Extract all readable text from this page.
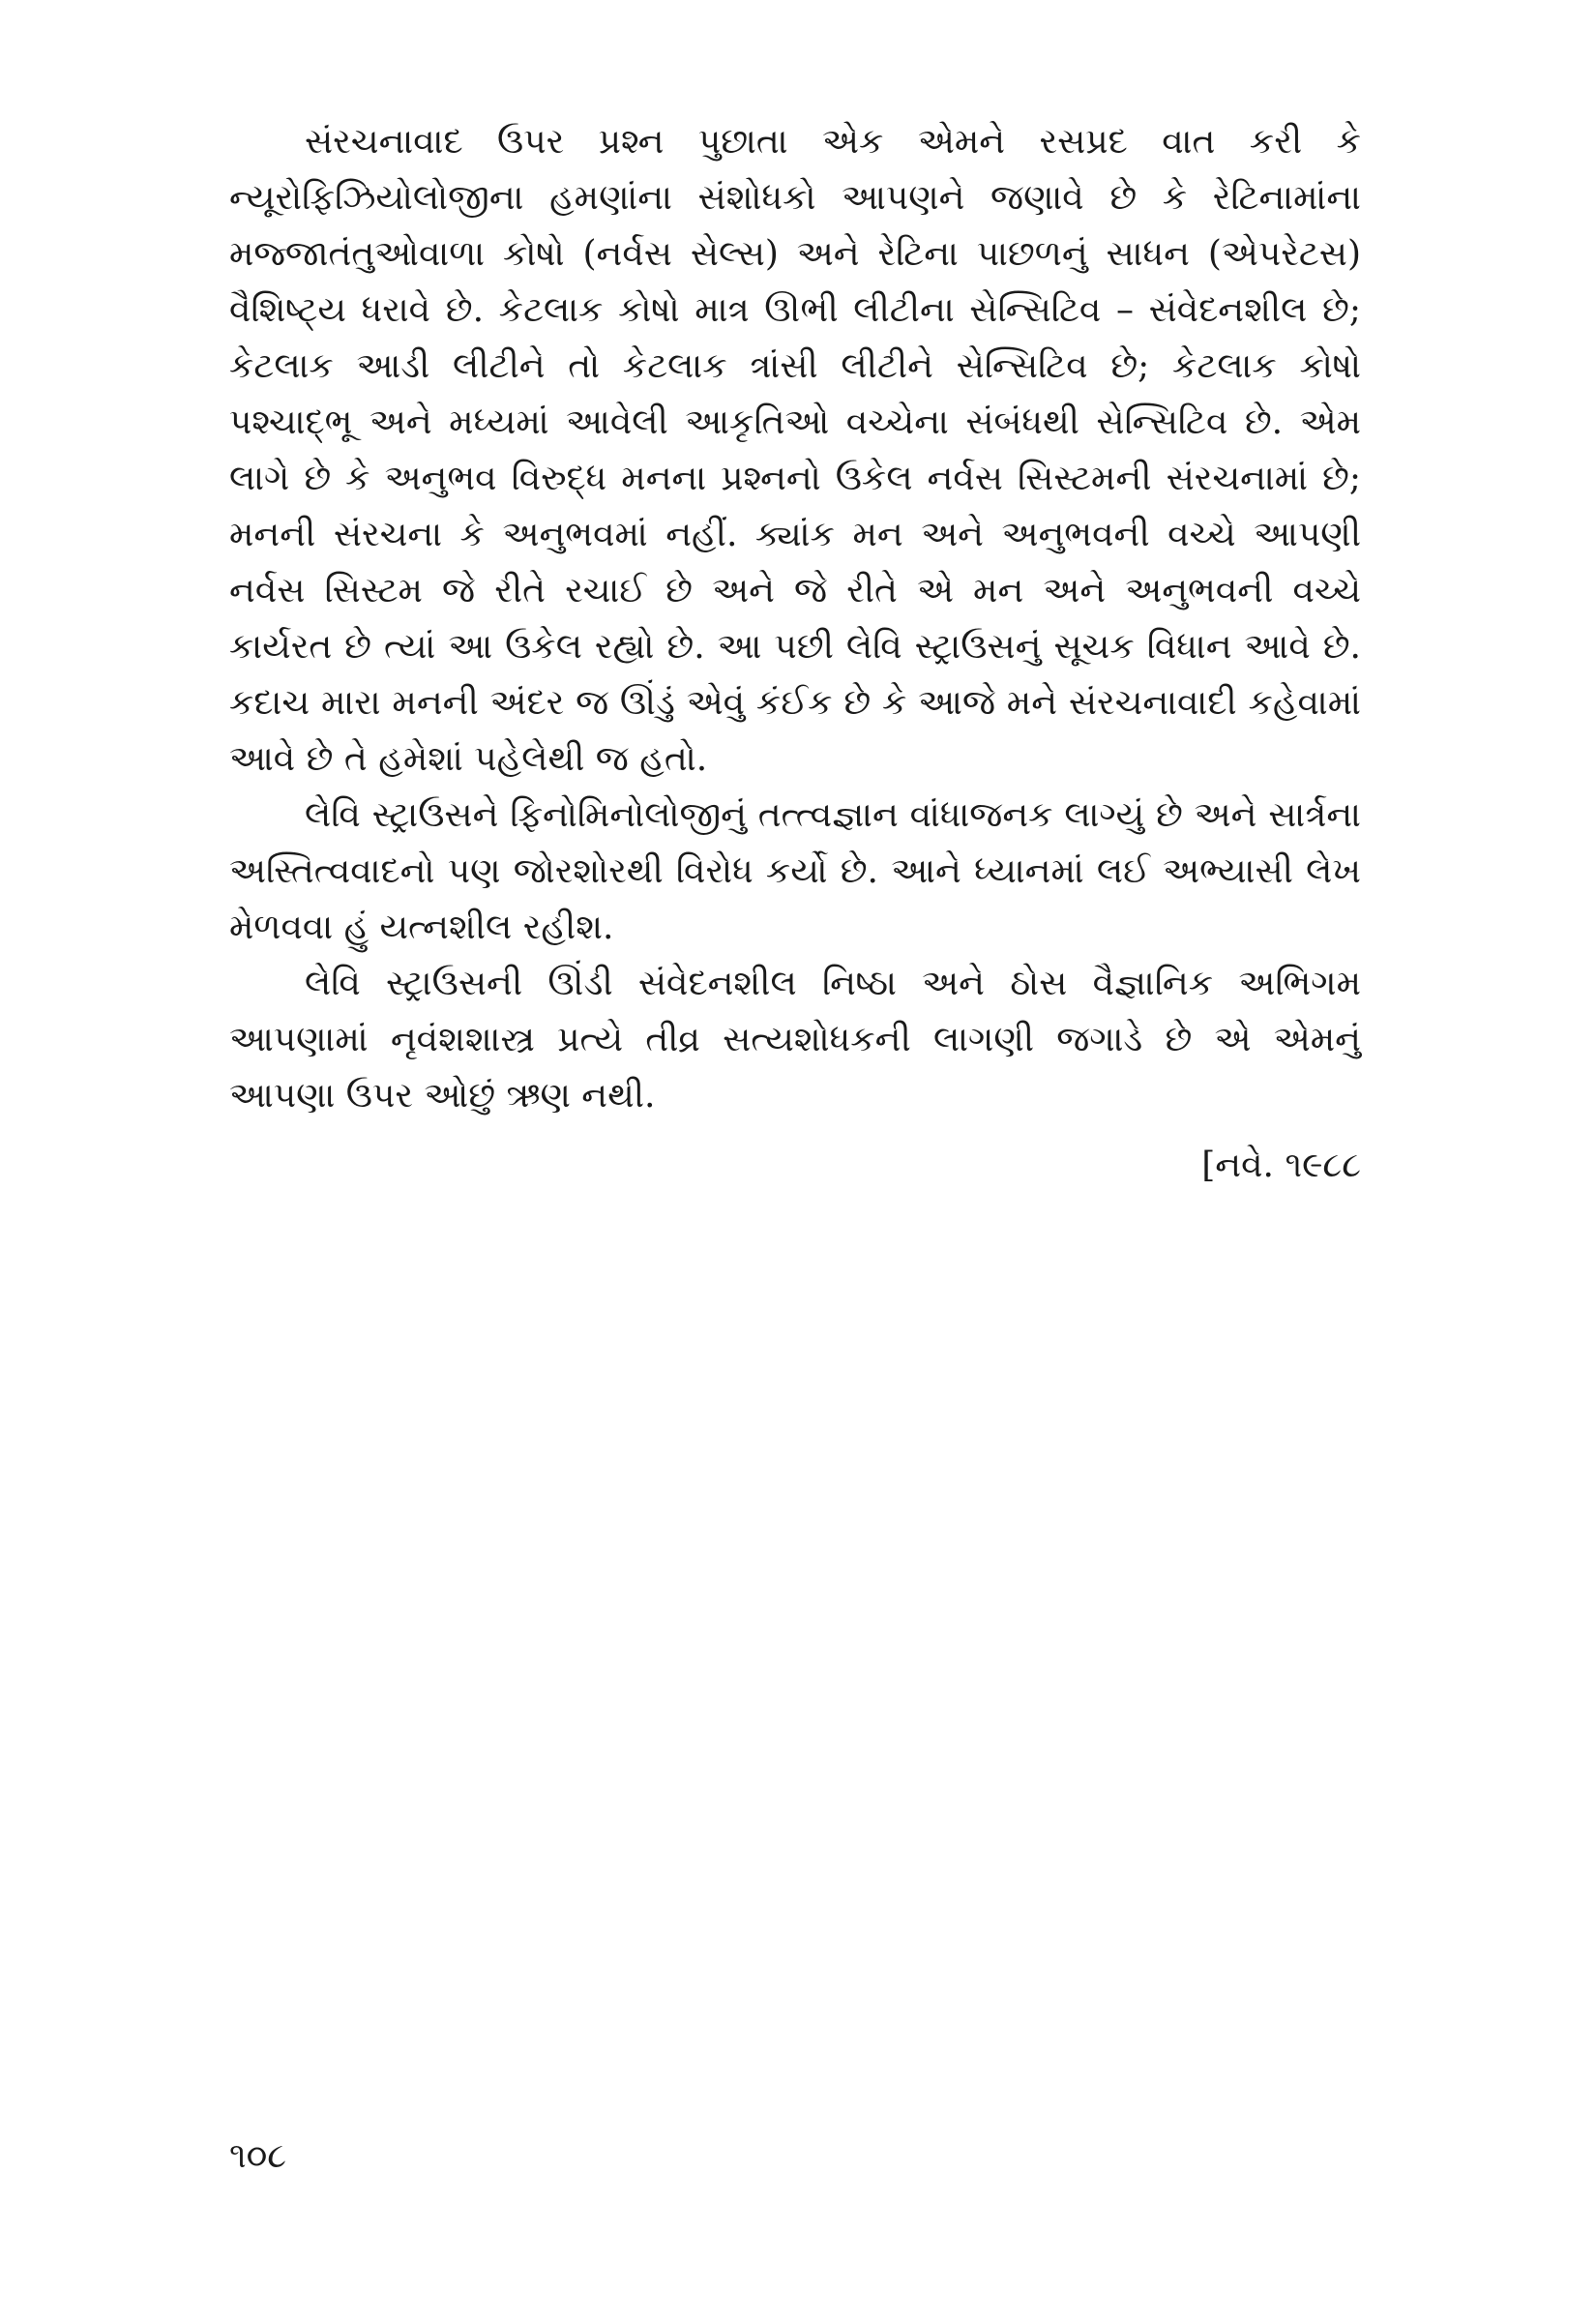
સંરચનાવાદ ઉપર પ્રશ્ન પુછાતા એક એમને રસપ્રદ વાત કરી કે ન્યૂરોફિઝિયોલોજીના હમણાંના સંશોધકો આપણને જણાવે છે કે રેટિનામાંના મજ્જાતંતુઓવાળા કોષો (નર્વસ સેલ્સ) અને રેટિના પાછળનું સાધન (એપરેટસ) વૈશિષ્ટ્ય ધરાવે છે. કેટલાક કોષો માત્ર ઊભી લીટીના સેન્સિટિવ – સંવેદનશીલ છે; કેટલાક આડી લીટીને તો કેટલાક ત્રાંસી લીટીને સેન્સિટિવ છે; કેટલાક કોષો પશ્ચાદ્‌ભૂ અને મધ્યમાં આવેલી આકૃતિઓ વચ્ચેના સંબંધથી સેન્સિટિવ છે. એમ લાગે છે કે અનુભવ વિરુદ્ધ મનના પ્રશ્નનો ઉકેલ નર્વસ સિસ્ટમની સંરચનામાં છે; મનની સંરચના કે અનુભવમાં નહીં. ક્યાંક મન અને અનુભવની વચ્ચે આપણી નર્વસ સિસ્ટમ જે રીતે રચાઈ છે અને જે રીતે એ મન અને અનુભવની વચ્ચે કાર્યરત છે ત્યાં આ ઉકેલ રહ્યો છે. આ પછી લેવિ સ્ટ્રાઉસનું સૂચક વિધાન આવે છે. કદાચ મારા મનની અંદર જ ઊંડું એવું કંઈક છે કે આજે મને સંરચનાવાદી કહેવામાં આવે છે તે હમેશાં પહેલેથી જ હતો.

લેવિ સ્ટ્રાઉસને ફિનોમિનોલોજીનું તત્ત્વજ્ઞાન વાંધાજનક લાગ્યું છે અને સાર્ત્રના અસ્તિત્વવાદનો પણ જોરશોરથી વિરોધ કર્યો છે. આને ધ્યાનમાં લઈ અભ્યાસી લેખ મેળવવા હું યત્નશીલ રહીશ.

લેવિ સ્ટ્રાઉસની ઊંડી સંવેદનશીલ નિષ્ઠા અને ઠોસ વૈજ્ઞાનિક અભિગમ આપણામાં નૃવંશશાસ્ત્ર પ્રત્યે તીવ્ર સત્યશોધકની લાગણી જગાડે છે એ એમનું આપણા ઉપર ઓછું ઋણ નથી.

[નવે. ૧૯૮૮

૧૦૮
